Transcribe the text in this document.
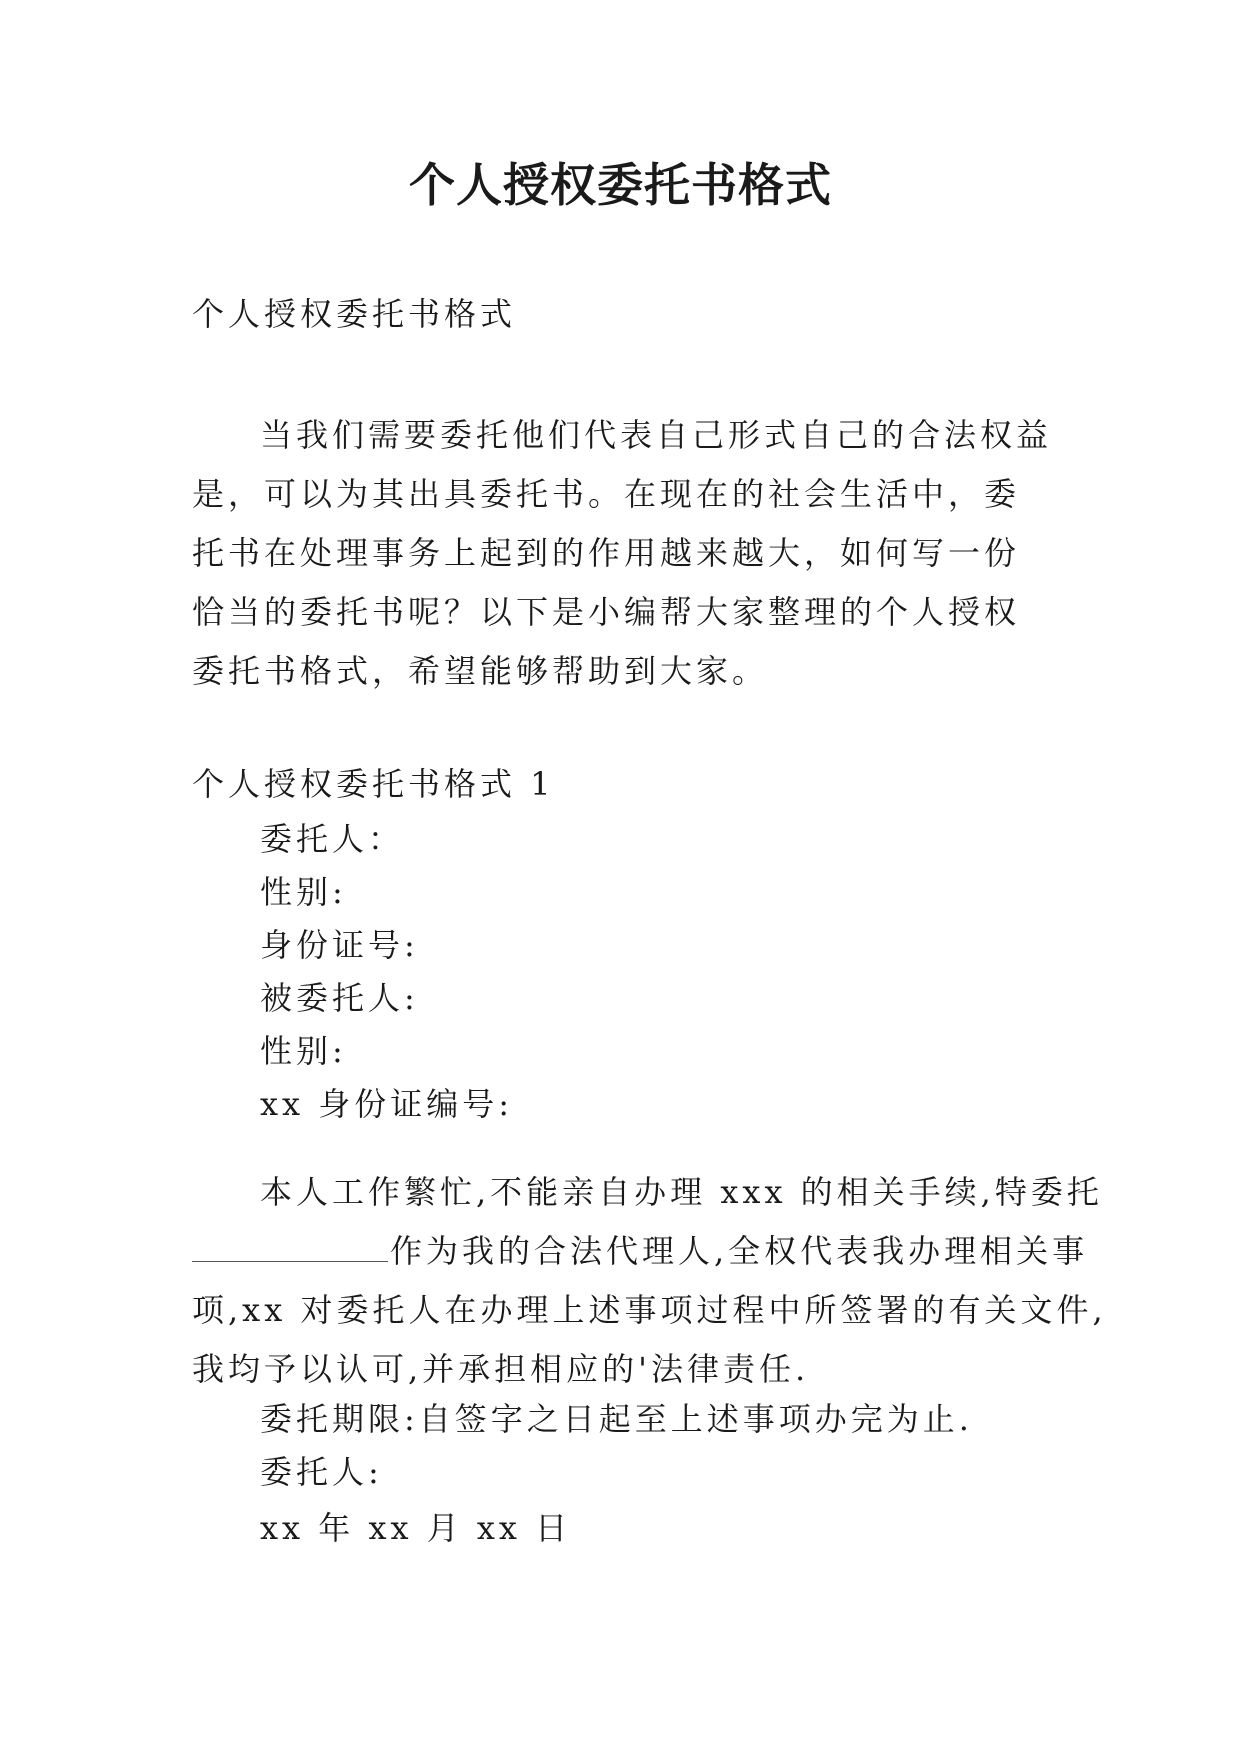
个人授权委托书格式
个人授权委托书格式

当我们需要委托他们代表自己形式自己的合法权益是，可以为其出具委托书。在现在的社会生活中，委托书在处理事务上起到的作用越来越大，如何写一份恰当的委托书呢？以下是小编帮大家整理的个人授权委托书格式，希望能够帮助到大家。

个人授权委托书格式 1
委托人：
性别:
身份证号:
被委托人:
性别:
xx 身份证编号:
本人工作繁忙,不能亲自办理 xxx 的相关手续,特委托
作为我的合法代理人,全权代表我办理相关事
项,xx 对委托人在办理上述事项过程中所签署的有关文件,
我均予以认可,并承担相应的'法律责任.
委托期限:自签字之日起至上述事项办完为止.
委托人:
xx 年 xx 月 xx 日
